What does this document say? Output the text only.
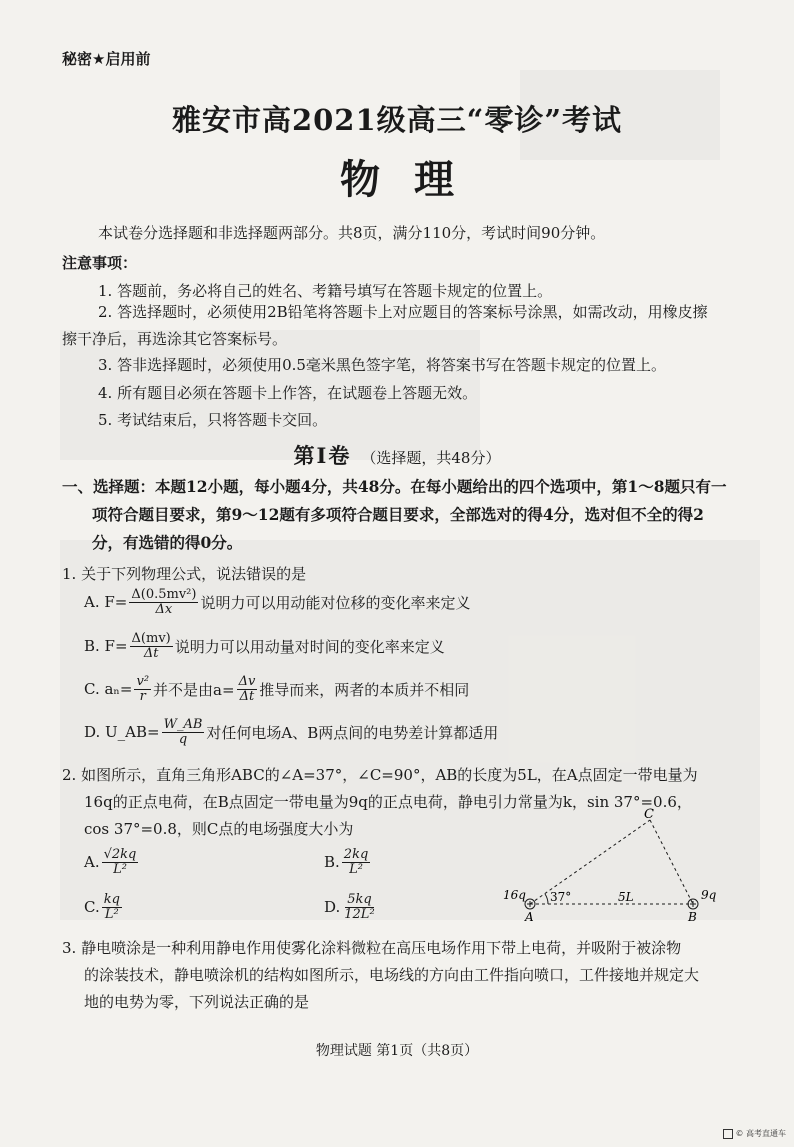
秘密★启用前
雅安市高2021级高三“零诊”考试
物理
本试卷分选择题和非选择题两部分。共8页，满分110分，考试时间90分钟。
注意事项：
1. 答题前，务必将自己的姓名、考籍号填写在答题卡规定的位置上。
2. 答选择题时，必须使用2B铅笔将答题卡上对应题目的答案标号涂黑，如需改动，用橡皮擦
擦干净后，再选涂其它答案标号。
3. 答非选择题时，必须使用0.5毫米黑色签字笔，将答案书写在答题卡规定的位置上。
4. 所有题目必须在答题卡上作答，在试题卷上答题无效。
5. 考试结束后，只将答题卡交回。
第Ⅰ卷 （选择题，共48分）
一、选择题：本题12小题，每小题4分，共48分。在每小题给出的四个选项中，第1～8题只有一
项符合题目要求，第9～12题有多项符合题目要求，全部选对的得4分，选对但不全的得2
分，有选错的得0分。
1. 关于下列物理公式，说法错误的是
A. $F= \frac{\text{Δ(0.5mv²)}}{\Delta x}$ 说明力可以用动能对位移的变化率来定义
B. $F= \frac{\Delta(mv)}{\Delta t}$ 说明力可以用动量对时间的变化率来定义
C. $a_n= \frac{\text{v²}}{r}$ 并不是由$a= \frac{\Delta v}{\Delta t}$ 推导而来，两者的本质并不相同
D. U_AB= $\frac{W\_AB}{q}$ 对任何电场A、B两点间的电势差计算都适用
2. 如图所示，直角三角形ABC的∠A=37°，∠C=90°，AB的长度为5L，在A点固定一带电量为
16q的正点电荷，在B点固定一带电量为9q的正点电荷，静电引力常量为k，sin 37°=0.6，
cos 37°=0.8，则C点的电场强度大小为
A. $\frac{√2kq}{\text{L²}}$	B. $\frac{2kq}{\text{L²}}$
C. $\frac{kq}{\text{L²}}$	D. $\frac{5kq}{\text{12L²}}$
C
A	B
16q	9q
37°	5L
3. 静电喷涂是一种利用静电作用使雾化涂料微粒在高压电场作用下带上电荷，并吸附于被涂物
的涂装技术，静电喷涂机的结构如图所示，电场线的方向由工件指向喷口，工件接地并规定大
地的电势为零，下列说法正确的是
物理试题 第1页（共8页）
© 高考直通车
